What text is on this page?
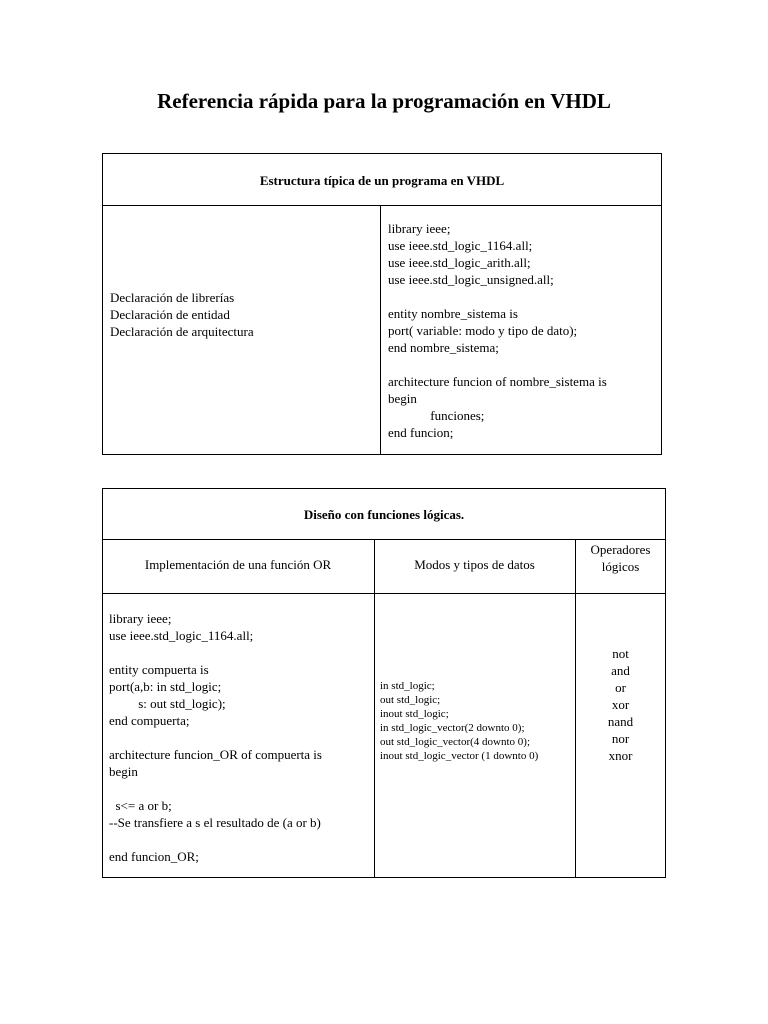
Referencia rápida para la programación en VHDL
Estructura típica de un programa en VHDL
Declaración de librerías
Declaración de entidad
Declaración de arquitectura
library ieee;
use ieee.std_logic_1164.all;
use ieee.std_logic_arith.all;
use ieee.std_logic_unsigned.all;

entity nombre_sistema is
port( variable: modo y tipo de dato);
end nombre_sistema;

architecture funcion of nombre_sistema is
begin
funciones;
end funcion;
Diseño con funciones lógicas.
Implementación de una función OR	Modos y tipos de datos
Operadores
lógicos
library ieee;
use ieee.std_logic_1164.all;

entity compuerta is
port(a,b: in std_logic;
s: out std_logic);
end compuerta;

architecture funcion_OR of compuerta is
begin

s<= a or b;
--Se transfiere a s el resultado de (a or b)

end funcion_OR;
in std_logic;
out std_logic;
inout std_logic;
in std_logic_vector(2 downto 0);
out std_logic_vector(4 downto 0);
inout std_logic_vector (1 downto 0)
not
and
or
xor
nand
nor
xnor
